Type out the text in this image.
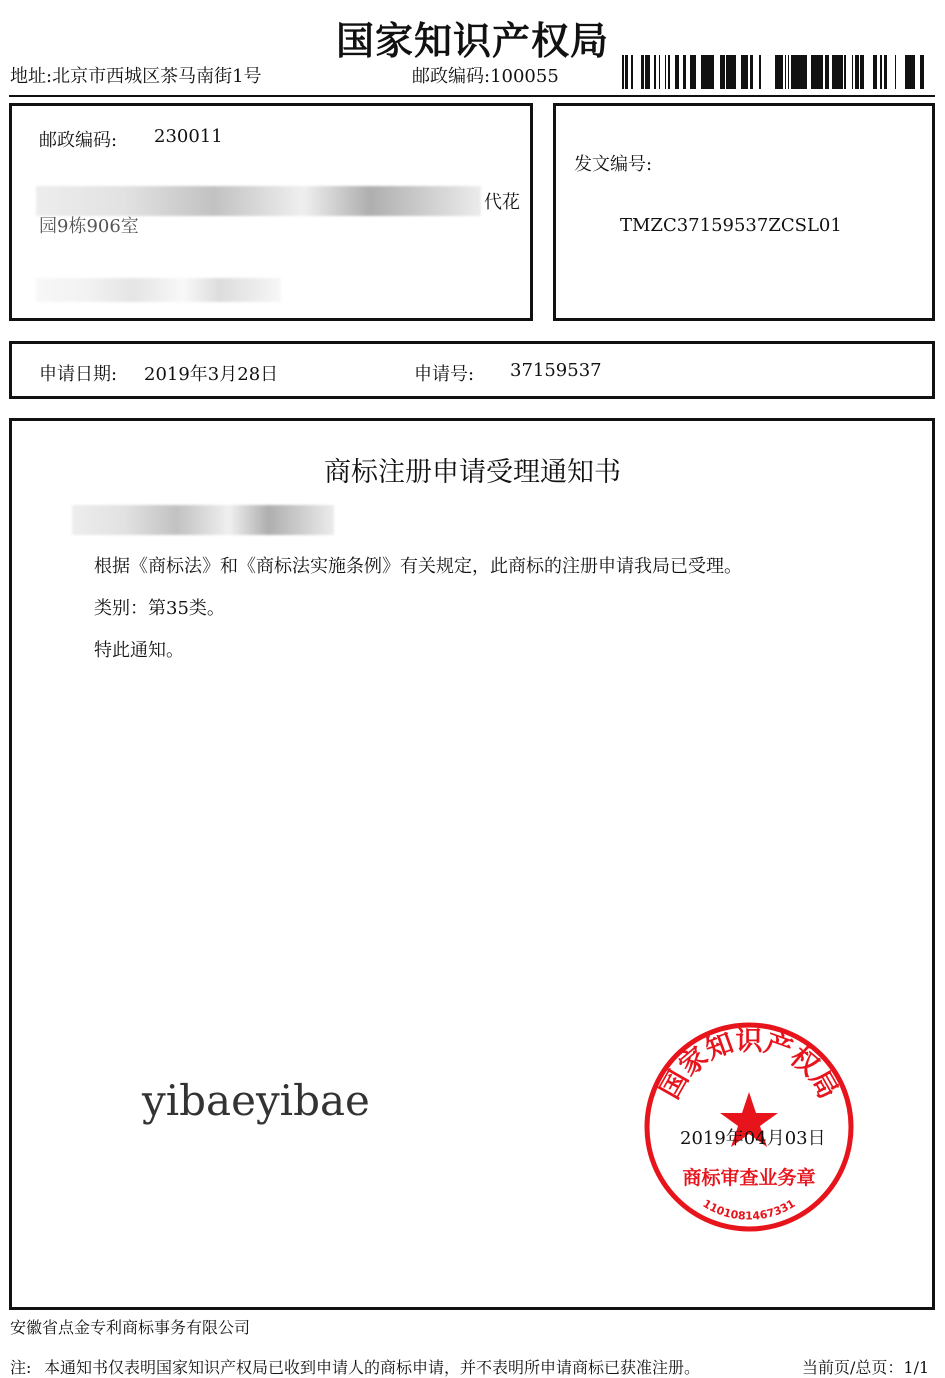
国家知识产权局
地址:北京市西城区茶马南街1号	邮政编码:100055
邮政编码: 230011
代花
园9栋906室
发文编号:
TMZC37159537ZCSL01
申请日期: 2019年3月28日	申请号: 37159537
商标注册申请受理通知书
根据《商标法》和《商标法实施条例》有关规定，此商标的注册申请我局已受理。
类别：第35类。
特此通知。
yibaeyibae	国家知识产权局
商标审查业务章
1101081467331
2019年04月03日
安徽省点金专利商标事务有限公司
注: 本通知书仅表明国家知识产权局已收到申请人的商标申请，并不表明所申请商标已获准注册。	当前页/总页：1/1
